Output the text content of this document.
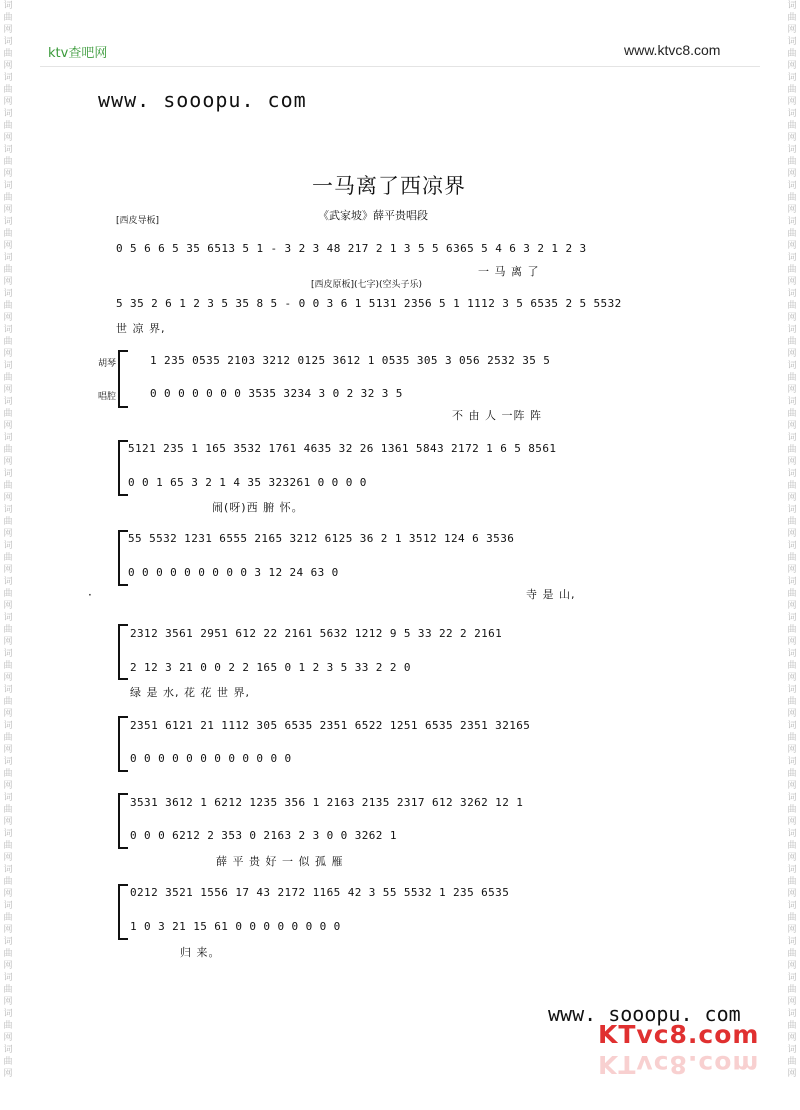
词
曲
网
词
曲
网
词
曲
网
词
曲
网
词
曲
网
词
曲
网
词
曲
网
词
曲
网
词
曲
网
词
曲
网
词
曲
网
词
曲
网
词
曲
网
词
曲
网
词
曲
网
词
曲
网
词
曲
网
词
曲
网
词
曲
网
词
曲
网
词
曲
网
词
曲
网
词
曲
网
词
曲
网
词
曲
网
词
曲
网
词
曲
网
词
曲
网
词
曲
网
词
曲
网
词
曲
网
词
曲
网
词
曲
网
词
曲
网
词
曲
网
词
曲
网
词
曲
网
词
曲
网
词
曲
网
词
曲
网
词
曲
网
词
曲
网
词
曲
网
词
曲
网
词
曲
网
词
曲
网
词
曲
网
词
曲
网
词
曲
网
词
曲
网
词
曲
网
词
曲
网
词
曲
网
词
曲
网
词
曲
网
词
曲
网
词
曲
网
词
曲
网
词
曲
网
词
曲
网
ktv查吧网	www.ktvc8.com
www. sooopu. com
一马离了西凉界
《武家坡》薛平贵唱段
[西皮导板]
[西皮原板](七字)(空头子乐)
0 5 6 6 5 35 6513 5 1 - 3 2 3 48 217 2 1 3 5 5 6365 5 4 6 3 2 1 2 3
一 马 离 了
5 35 2 6 1 2 3 5 35 8 5 - 0 0 3 6 1 5131 2356 5 1 1112 3 5 6535 2 5 5532
世 凉 界,
胡琴
唱腔
1 235 0535 2103 3212 0125 3612 1 0535 305 3 056 2532 35 5
0 0 0 0 0 0 0 3535 3234 3 0 2 32 3 5
不 由 人 一阵 阵
5121 235 1 165 3532 1761 4635 32 26 1361 5843 2172 1 6 5 8561
0 0 1 65 3 2 1 4 35 323261 0 0 0 0
闹(呀)西 腑 怀。
55 5532 1231 6555 2165 3212 6125 36 2 1 3512 124 6 3536
0 0 0 0 0 0 0 0 0 3 12 24 63 0
寺 是 山,
·
2312 3561 2951 612 22 2161 5632 1212 9 5 33 22 2 2161
2 12 3 21 0 0 2 2 165 0 1 2 3 5 33 2 2 0
绿 是 水, 花 花 世 界,
2351 6121 21 1112 305 6535 2351 6522 1251 6535 2351 32165
0 0 0 0 0 0 0 0 0 0 0 0
3531 3612 1 6212 1235 356 1 2163 2135 2317 612 3262 12 1
0 0 0 6212 2 353 0 2163 2 3 0 0 3262 1
薛 平 贵 好 一 似 孤 雁
0212 3521 1556 17 43 2172 1165 42 3 55 5532 1 235 6535
1 0 3 21 15 61 0 0 0 0 0 0 0 0
归 来。
www. sooopu. com
KTvc8.com
KTvc8.com
